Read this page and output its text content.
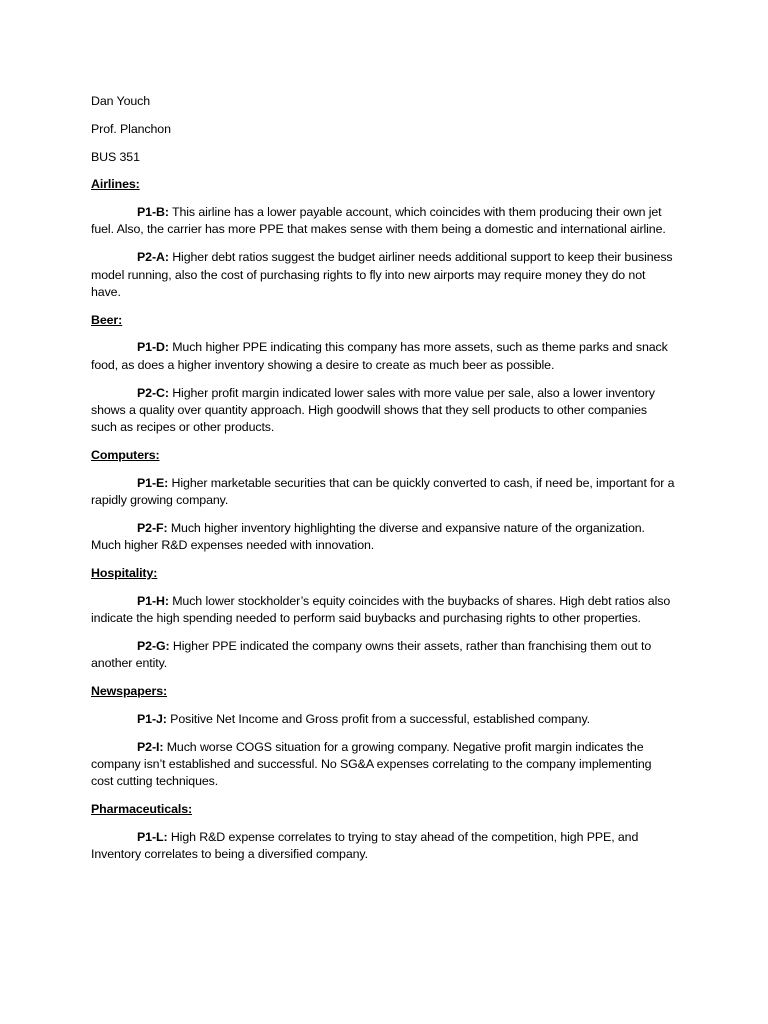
Dan Youch
Prof. Planchon
BUS 351
Airlines:
P1-B: This airline has a lower payable account, which coincides with them producing their own jet fuel. Also, the carrier has more PPE that makes sense with them being a domestic and international airline.
P2-A: Higher debt ratios suggest the budget airliner needs additional support to keep their business model running, also the cost of purchasing rights to fly into new airports may require money they do not have.
Beer:
P1-D: Much higher PPE indicating this company has more assets, such as theme parks and snack food, as does a higher inventory showing a desire to create as much beer as possible.
P2-C: Higher profit margin indicated lower sales with more value per sale, also a lower inventory shows a quality over quantity approach. High goodwill shows that they sell products to other companies such as recipes or other products.
Computers:
P1-E: Higher marketable securities that can be quickly converted to cash, if need be, important for a rapidly growing company.
P2-F: Much higher inventory highlighting the diverse and expansive nature of the organization. Much higher R&D expenses needed with innovation.
Hospitality:
P1-H: Much lower stockholder’s equity coincides with the buybacks of shares. High debt ratios also indicate the high spending needed to perform said buybacks and purchasing rights to other properties.
P2-G: Higher PPE indicated the company owns their assets, rather than franchising them out to another entity.
Newspapers:
P1-J: Positive Net Income and Gross profit from a successful, established company.
P2-I: Much worse COGS situation for a growing company. Negative profit margin indicates the company isn’t established and successful. No SG&A expenses correlating to the company implementing cost cutting techniques.
Pharmaceuticals:
P1-L: High R&D expense correlates to trying to stay ahead of the competition, high PPE, and Inventory correlates to being a diversified company.
